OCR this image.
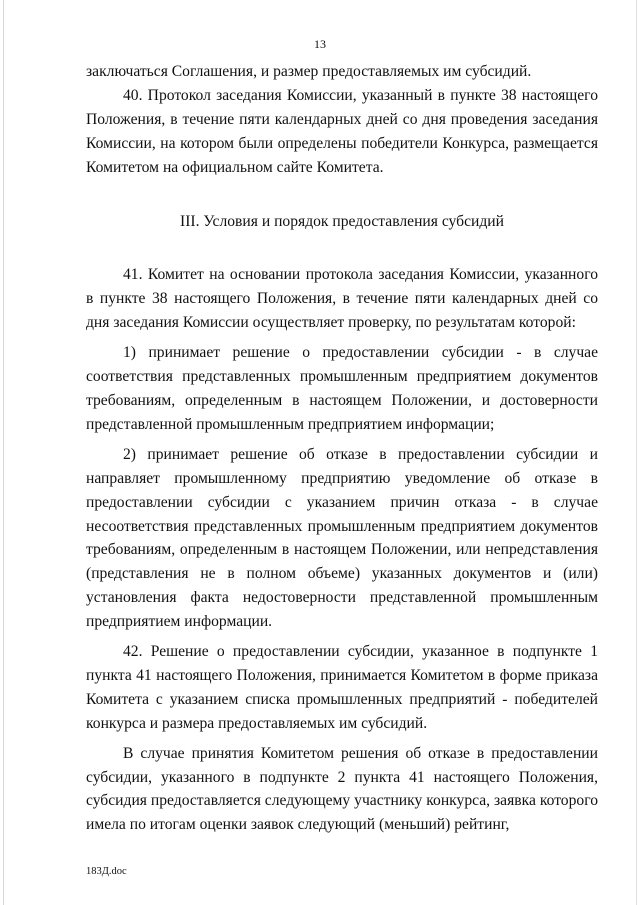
13

заключаться Соглашения, и размер предоставляемых им субсидий.

40. Протокол заседания Комиссии, указанный в пункте 38 настоящего Положения, в течение пяти календарных дней со дня проведения заседания Комиссии, на котором были определены победители Конкурса, размещается Комитетом на официальном сайте Комитета.

III. Условия и порядок предоставления субсидий

41. Комитет на основании протокола заседания Комиссии, указанного в пункте 38 настоящего Положения, в течение пяти календарных дней со дня заседания Комиссии осуществляет проверку, по результатам которой:

1) принимает решение о предоставлении субсидии - в случае соответствия представленных промышленным предприятием документов требованиям, определенным в настоящем Положении, и достоверности представленной промышленным предприятием информации;

2) принимает решение об отказе в предоставлении субсидии и направляет промышленному предприятию уведомление об отказе в предоставлении субсидии с указанием причин отказа - в случае несоответствия представленных промышленным предприятием документов требованиям, определенным в настоящем Положении, или непредставления (представления не в полном объеме) указанных документов и (или) установления факта недостоверности представленной промышленным предприятием информации.

42. Решение о предоставлении субсидии, указанное в подпункте 1 пункта 41 настоящего Положения, принимается Комитетом в форме приказа Комитета с указанием списка промышленных предприятий - победителей конкурса и размера предоставляемых им субсидий.

В случае принятия Комитетом решения об отказе в предоставлении субсидии, указанного в подпункте 2 пункта 41 настоящего Положения, субсидия предоставляется следующему участнику конкурса, заявка которого имела по итогам оценки заявок следующий (меньший) рейтинг,

183Д.doc
